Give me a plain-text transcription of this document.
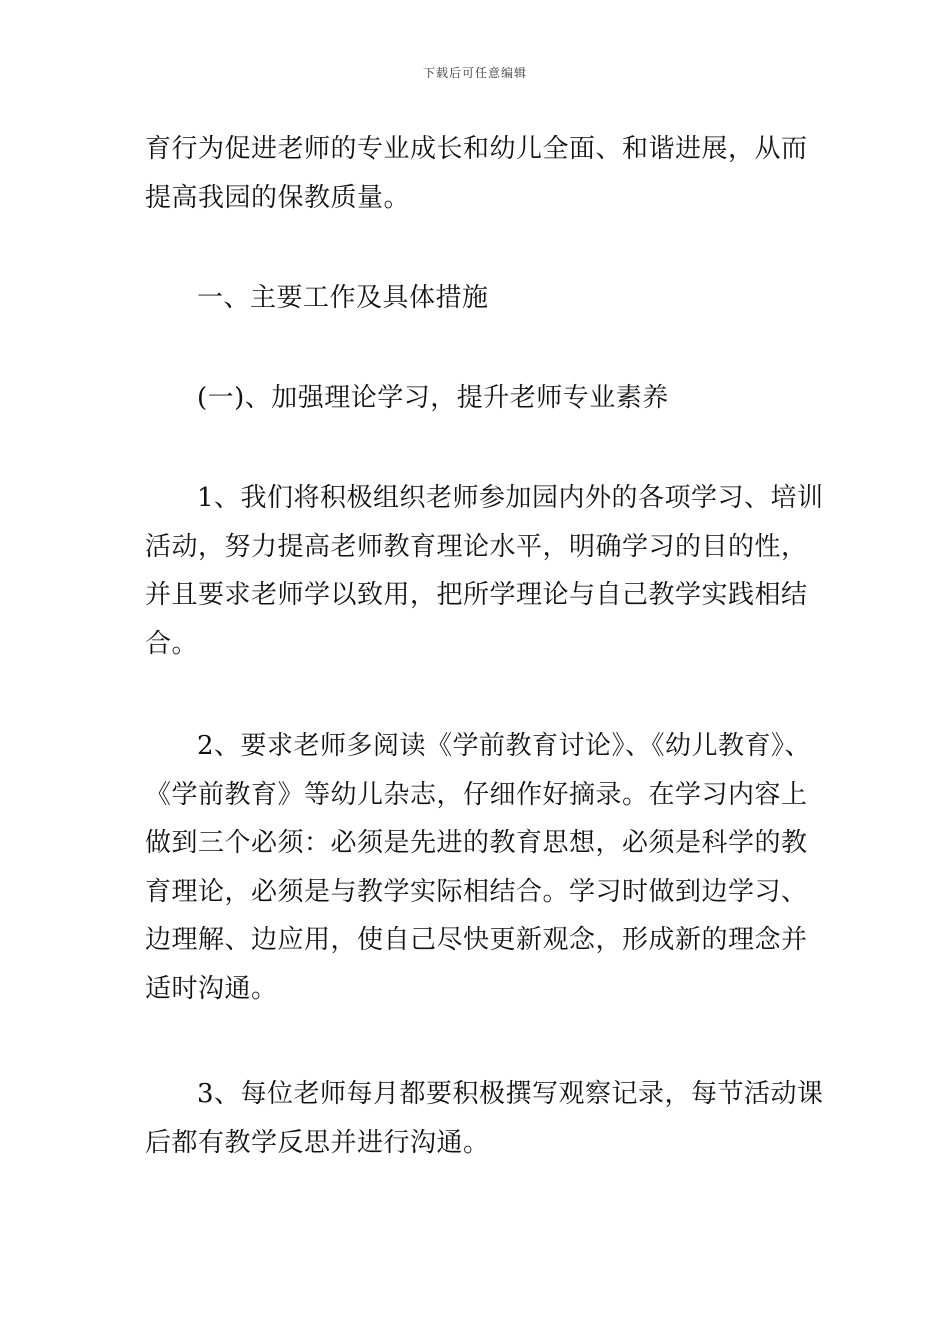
下载后可任意编辑
育行为促进老师的专业成长和幼儿全面、和谐进展，从而
提高我园的保教质量。
一、主要工作及具体措施
(一)、加强理论学习，提升老师专业素养
1、我们将积极组织老师参加园内外的各项学习、培训
活动，努力提高老师教育理论水平，明确学习的目的性，
并且要求老师学以致用，把所学理论与自己教学实践相结
合。
2、要求老师多阅读《学前教育讨论》、《幼儿教育》、
《学前教育》等幼儿杂志，仔细作好摘录。在学习内容上
做到三个必须：必须是先进的教育思想，必须是科学的教
育理论，必须是与教学实际相结合。学习时做到边学习、
边理解、边应用，使自己尽快更新观念，形成新的理念并
适时沟通。
3、每位老师每月都要积极撰写观察记录，每节活动课
后都有教学反思并进行沟通。
